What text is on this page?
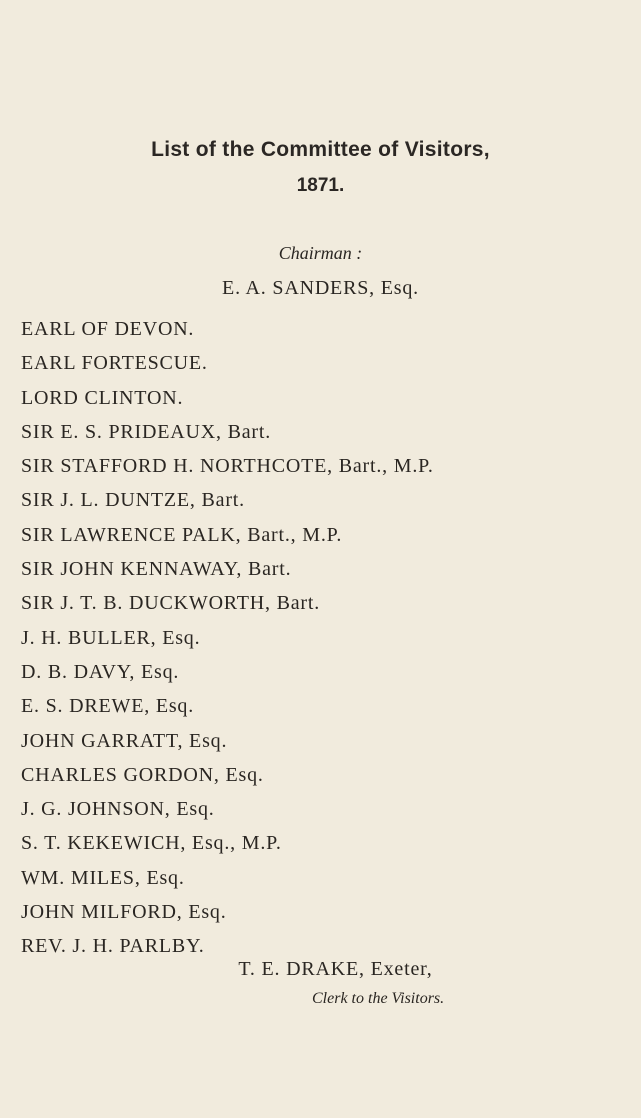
List of the Committee of Visitors,
1871.
Chairman :
E. A. SANDERS, Esq.
EARL OF DEVON.
EARL FORTESCUE.
LORD CLINTON.
SIR E. S. PRIDEAUX, Bart.
SIR STAFFORD H. NORTHCOTE, Bart., M.P.
SIR J. L. DUNTZE, Bart.
SIR LAWRENCE PALK, Bart., M.P.
SIR JOHN KENNAWAY, Bart.
SIR J. T. B. DUCKWORTH, Bart.
J. H. BULLER, Esq.
D. B. DAVY, Esq.
E. S. DREWE, Esq.
JOHN GARRATT, Esq.
CHARLES GORDON, Esq.
J. G. JOHNSON, Esq.
S. T. KEKEWICH, Esq., M.P.
WM. MILES, Esq.
JOHN MILFORD, Esq.
REV. J. H. PARLBY.
T. E. DRAKE, Exeter,
Clerk to the Visitors.
